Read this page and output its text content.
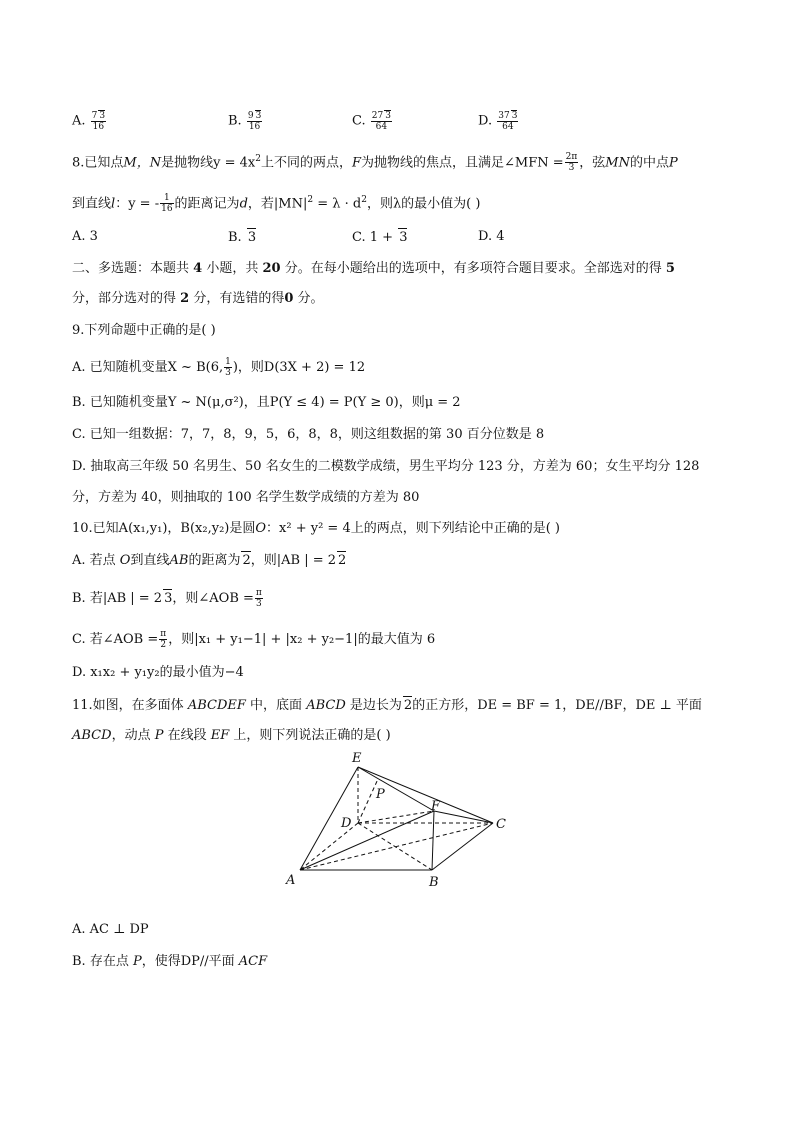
A. $\frac{7 3}{16}$	B. $\frac{9 3}{16}$	C. $\frac{27 3}{64}$	D. $\frac{37 3}{64}$
8.已知点M，N是抛物线$y = 4x^2$上不同的两点，F为抛物线的焦点，且满足∠MFN = $\frac{2\pi}{3}$ ，弦MN的中点P
到直线l：y = - $\frac{1}{16}$ 的距离记为d，若$|MN|^2 = \lambda \cdot d^2$，则λ的最小值为( )
A. 3	B. 3	C. 1 + 3	D. 4
二、多选题：本题共 4 小题，共 20 分。在每小题给出的选项中，有多项符合题目要求。全部选对的得 5
分，部分选对的得 2 分，有选错的得0 分。
9.下列命题中正确的是( )
A. 已知随机变量X ~ B(6, $\frac{1}{3}$ )，则D(3X + 2) = 12
B. 已知随机变量Y ~ N(μ,σ²)，且P(Y ≤ 4) = P(Y ≥ 0)，则μ = 2
C. 已知一组数据：7，7，8，9，5，6，8，8，则这组数据的第 30 百分位数是 8
D. 抽取高三年级 50 名男生、50 名女生的二模数学成绩，男生平均分 123 分，方差为 60；女生平均分 128
分，方差为 40，则抽取的 100 名学生数学成绩的方差为 80
10.已知A(x₁,y₁)，B(x₂,y₂)是圆O：x² + y² = 4上的两点，则下列结论中正确的是( )
A. 若点 O到直线AB的距离为 2，则|AB | = 2 2
B. 若|AB | = 2 3，则∠AOB = $\frac{\pi}{3}$
C. 若∠AOB = $\frac{\pi}{2}$ ，则|x₁ + y₁−1| + |x₂ + y₂−1|的最大值为 6
D. x₁x₂ + y₁y₂的最小值为−4
11.如图，在多面体 ABCDEF 中，底面 ABCD 是边长为 2的正方形，DE = BF = 1，DE//BF，DE ⊥ 平面
ABCD，动点 P 在线段 EF 上，则下列说法正确的是( )
E
P
F
D	C
A	B
A. AC ⊥ DP
B. 存在点 P，使得DP//平面 ACF
